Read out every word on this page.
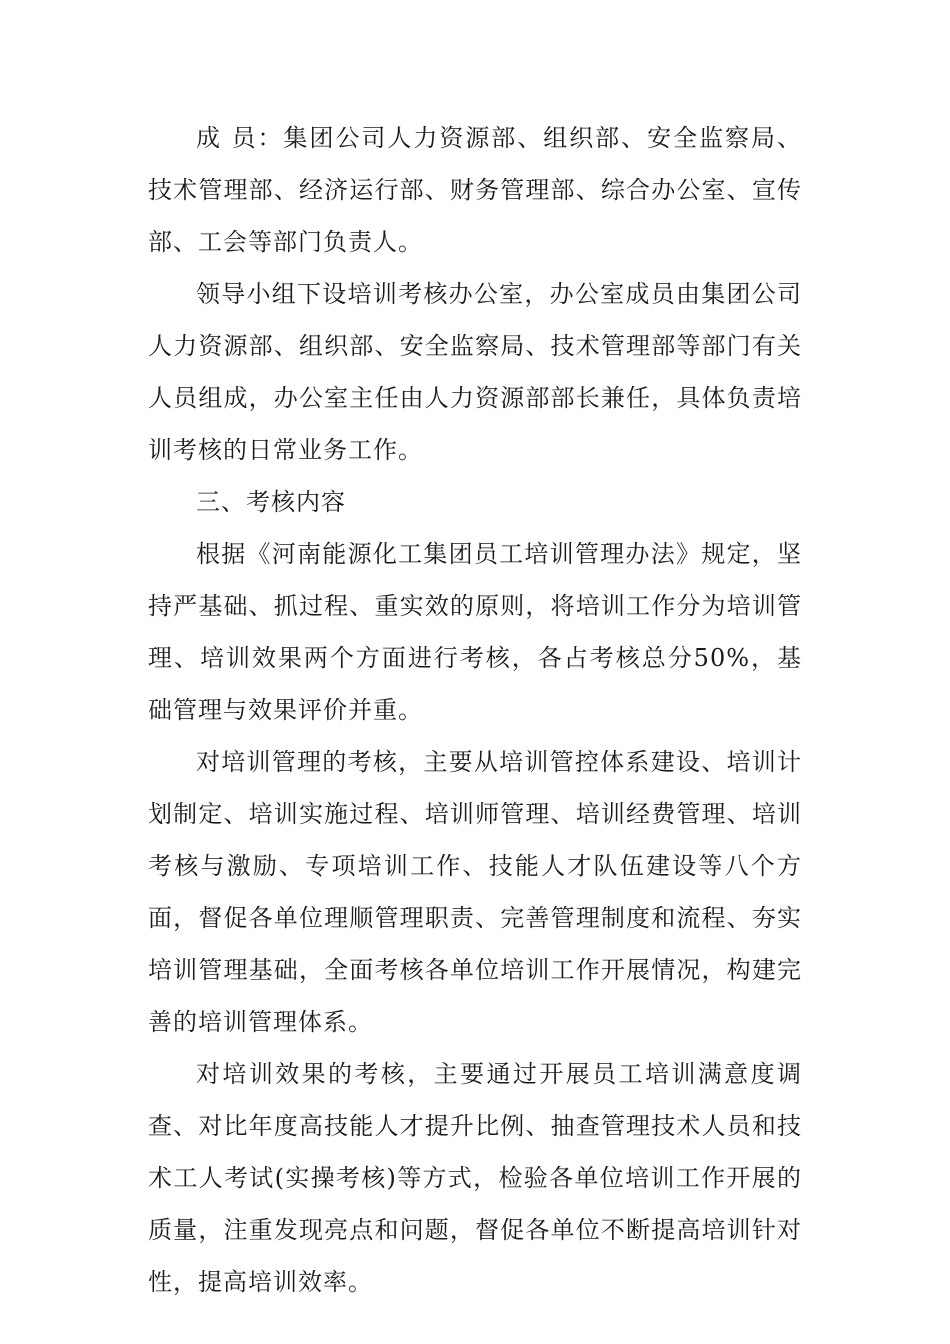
成 员：集团公司人力资源部、组织部、安全监察局、技术管理部、经济运行部、财务管理部、综合办公室、宣传部、工会等部门负责人。

领导小组下设培训考核办公室，办公室成员由集团公司人力资源部、组织部、安全监察局、技术管理部等部门有关人员组成，办公室主任由人力资源部部长兼任，具体负责培训考核的日常业务工作。

三、考核内容

根据《河南能源化工集团员工培训管理办法》规定，坚持严基础、抓过程、重实效的原则，将培训工作分为培训管理、培训效果两个方面进行考核，各占考核总分50%，基础管理与效果评价并重。

对培训管理的考核，主要从培训管控体系建设、培训计划制定、培训实施过程、培训师管理、培训经费管理、培训考核与激励、专项培训工作、技能人才队伍建设等八个方面，督促各单位理顺管理职责、完善管理制度和流程、夯实培训管理基础，全面考核各单位培训工作开展情况，构建完善的培训管理体系。

对培训效果的考核，主要通过开展员工培训满意度调查、对比年度高技能人才提升比例、抽查管理技术人员和技术工人考试(实操考核)等方式，检验各单位培训工作开展的质量，注重发现亮点和问题，督促各单位不断提高培训针对性，提高培训效率。
